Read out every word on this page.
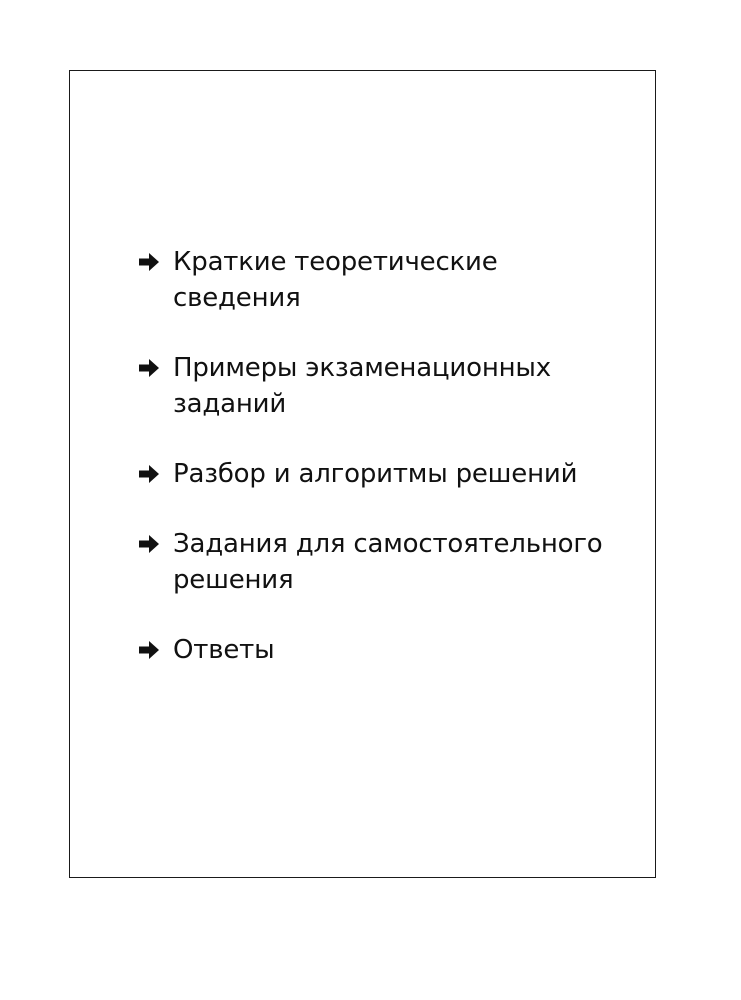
Краткие теоретические
сведения
Примеры экзаменационных
заданий
Разбор и алгоритмы решений
Задания для самостоятельного
решения
Ответы
